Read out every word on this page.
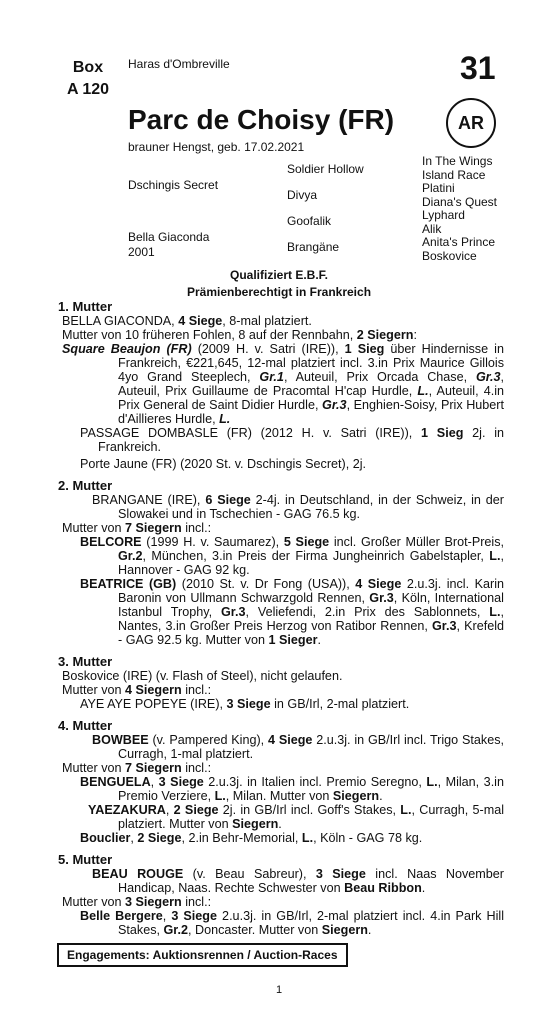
Box
A 120
Haras d'Ombreville	31
AR
Parc de Choisy (FR)
brauner Hengst, geb. 17.02.2021
Dschingis Secret
Bella Giaconda
2001
Soldier Hollow
Divya
Goofalik
Brangäne
In The Wings
Island Race
Platini
Diana's Quest
Lyphard
Alik
Anita's Prince
Boskovice
Qualifiziert E.B.F.
Prämienberechtigt in Frankreich
1. Mutter
BELLA GIACONDA, 4 Siege, 8-mal platziert.
Mutter von 10 früheren Fohlen, 8 auf der Rennbahn, 2 Siegern:
Square Beaujon (FR) (2009 H. v. Satri (IRE)), 1 Sieg über Hindernisse in Frankreich, €221,645, 12-mal platziert incl. 3.in Prix Maurice Gillois 4yo Grand Steeplech, Gr.1, Auteuil, Prix Orcada Chase, Gr.3, Auteuil, Prix Guillaume de Pracomtal H'cap Hurdle, L., Auteuil, 4.in Prix General de Saint Didier Hurdle, Gr.3, Enghien-Soisy, Prix Hubert d'Aillieres Hurdle, L.
PASSAGE DOMBASLE (FR) (2012 H. v. Satri (IRE)), 1 Sieg 2j. in Frankreich.
Porte Jaune (FR) (2020 St. v. Dschingis Secret), 2j.
2. Mutter
BRANGANE (IRE), 6 Siege 2-4j. in Deutschland, in der Schweiz, in der Slowakei und in Tschechien - GAG 76.5 kg.
Mutter von 7 Siegern incl.:
BELCORE (1999 H. v. Saumarez), 5 Siege incl. Großer Müller Brot-Preis, Gr.2, München, 3.in Preis der Firma Jungheinrich Gabelstapler, L., Hannover - GAG 92 kg.
BEATRICE (GB) (2010 St. v. Dr Fong (USA)), 4 Siege 2.u.3j. incl. Karin Baronin von Ullmann Schwarzgold Rennen, Gr.3, Köln, International Istanbul Trophy, Gr.3, Veliefendi, 2.in Prix des Sablonnets, L., Nantes, 3.in Großer Preis Herzog von Ratibor Rennen, Gr.3, Krefeld - GAG 92.5 kg. Mutter von 1 Sieger.
3. Mutter
Boskovice (IRE) (v. Flash of Steel), nicht gelaufen.
Mutter von 4 Siegern incl.:
AYE AYE POPEYE (IRE), 3 Siege in GB/Irl, 2-mal platziert.
4. Mutter
BOWBEE (v. Pampered King), 4 Siege 2.u.3j. in GB/Irl incl. Trigo Stakes, Curragh, 1-mal platziert.
Mutter von 7 Siegern incl.:
BENGUELA, 3 Siege 2.u.3j. in Italien incl. Premio Seregno, L., Milan, 3.in Premio Verziere, L., Milan. Mutter von Siegern.
YAEZAKURA, 2 Siege 2j. in GB/Irl incl. Goff's Stakes, L., Curragh, 5-mal platziert. Mutter von Siegern.
Bouclier, 2 Siege, 2.in Behr-Memorial, L., Köln - GAG 78 kg.
5. Mutter
BEAU ROUGE (v. Beau Sabreur), 3 Siege incl. Naas November Handicap, Naas. Rechte Schwester von Beau Ribbon.
Mutter von 3 Siegern incl.:
Belle Bergere, 3 Siege 2.u.3j. in GB/Irl, 2-mal platziert incl. 4.in Park Hill Stakes, Gr.2, Doncaster. Mutter von Siegern.
Engagements: Auktionsrennen / Auction-Races
1
